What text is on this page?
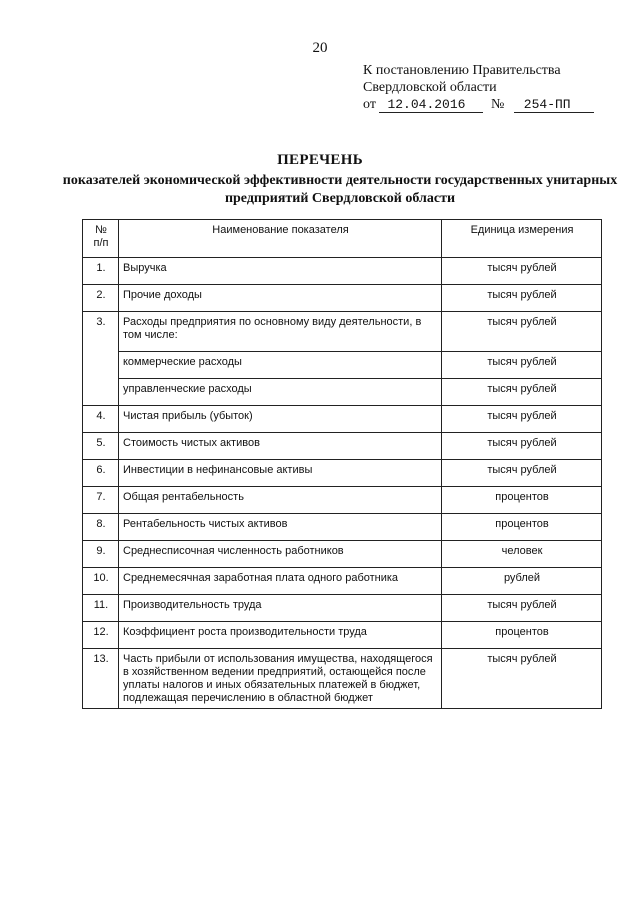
20
К постановлению Правительства
Свердловской области
от 12.04.2016 № 254-ПП
ПЕРЕЧЕНЬ
показателей экономической эффективности деятельности государственных унитарных предприятий Свердловской области
№
п/п	Наименование показателя	Единица измерения
1.	Выручка	тысяч рублей
2.	Прочие доходы	тысяч рублей
3.	Расходы предприятия по основному виду деятельности, в том числе:	тысяч рублей
	коммерческие расходы	тысяч рублей
	управленческие расходы	тысяч рублей
4.	Чистая прибыль (убыток)	тысяч рублей
5.	Стоимость чистых активов	тысяч рублей
6.	Инвестиции в нефинансовые активы	тысяч рублей
7.	Общая рентабельность	процентов
8.	Рентабельность чистых активов	процентов
9.	Среднесписочная численность работников	человек
10.	Среднемесячная заработная плата одного работника	рублей
11.	Производительность труда	тысяч рублей
12.	Коэффициент роста производительности труда	процентов
13.	Часть прибыли от использования имущества, находящегося в хозяйственном ведении предприятий, остающейся после уплаты налогов и иных обязательных платежей в бюджет, подлежащая перечислению в областной бюджет	тысяч рублей
